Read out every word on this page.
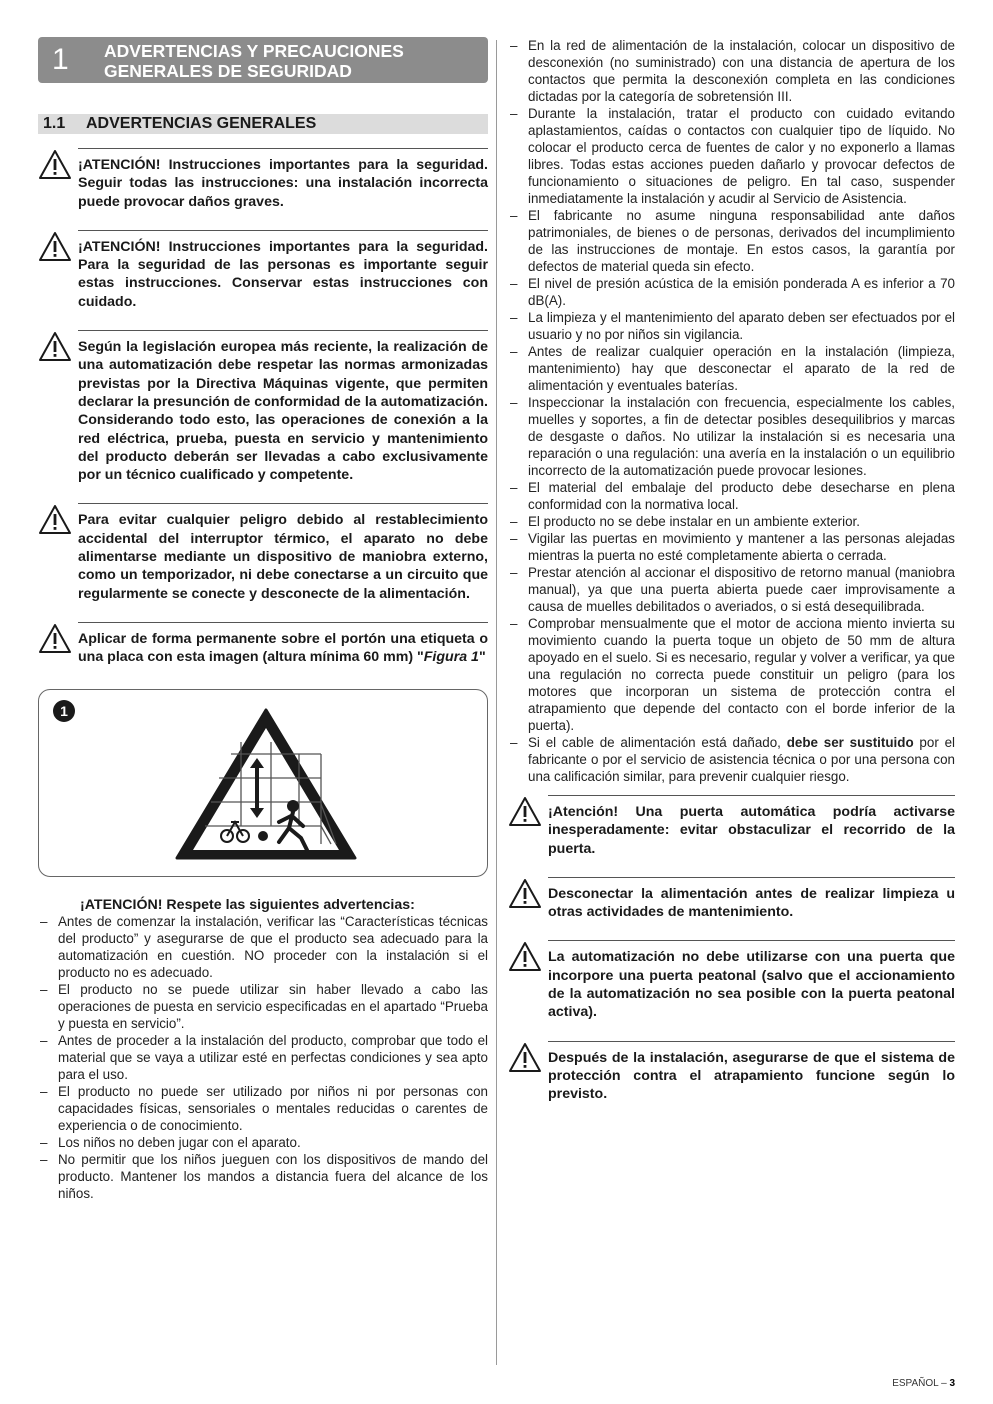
1 ADVERTENCIAS Y PRECAUCIONES
GENERALES DE SEGURIDAD
1.1 ADVERTENCIAS GENERALES
¡ATENCIÓN! Instrucciones importantes para la seguridad. Seguir todas las instrucciones: una instalación incorrecta puede provocar daños graves.
¡ATENCIÓN! Instrucciones importantes para la seguridad. Para la seguridad de las personas es importante seguir estas instrucciones. Conservar estas instrucciones con cuidado.
Según la legislación europea más reciente, la realización de una automatización debe respetar las normas armonizadas previstas por la Directiva Máquinas vigente, que permiten declarar la presunción de conformidad de la automatización. Considerando todo esto, las operaciones de conexión a la red eléctrica, prueba, puesta en servicio y mantenimiento del producto deberán ser llevadas a cabo exclusivamente por un técnico cualificado y competente.
Para evitar cualquier peligro debido al restablecimiento accidental del interruptor térmico, el aparato no debe alimentarse mediante un dispositivo de maniobra externo, como un temporizador, ni debe conectarse a un circuito que regularmente se conecte y desconecte de la alimentación.
Aplicar de forma permanente sobre el portón una etiqueta o una placa con esta imagen (altura mínima 60 mm) "Figura 1"
1
¡ATENCIÓN! Respete las siguientes advertencias:
– Antes de comenzar la instalación, verificar las “Características técnicas del producto” y asegurarse de que el producto sea adecuado para la automatización en cuestión. NO proceder con la instalación si el producto no es adecuado.
– El producto no se puede utilizar sin haber llevado a cabo las operaciones de puesta en servicio especificadas en el apartado “Prueba y puesta en servicio”.
– Antes de proceder a la instalación del producto, comprobar que todo el material que se vaya a utilizar esté en perfectas condiciones y sea apto para el uso.
– El producto no puede ser utilizado por niños ni por personas con capacidades físicas, sensoriales o mentales reducidas o carentes de experiencia o de conocimiento.
– Los niños no deben jugar con el aparato.
– No permitir que los niños jueguen con los dispositivos de mando del producto. Mantener los mandos a distancia fuera del alcance de los niños.
– En la red de alimentación de la instalación, colocar un dispositivo de desconexión (no suministrado) con una distancia de apertura de los contactos que permita la desconexión completa en las condiciones dictadas por la categoría de sobretensión III.
– Durante la instalación, tratar el producto con cuidado evitando aplastamientos, caídas o contactos con cualquier tipo de líquido. No colocar el producto cerca de fuentes de calor y no exponerlo a llamas libres. Todas estas acciones pueden dañarlo y provocar defectos de funcionamiento o situaciones de peligro. En tal caso, suspender inmediatamente la instalación y acudir al Servicio de Asistencia.
– El fabricante no asume ninguna responsabilidad ante daños patrimoniales, de bienes o de personas, derivados del incumplimiento de las instrucciones de montaje. En estos casos, la garantía por defectos de material queda sin efecto.
– El nivel de presión acústica de la emisión ponderada A es inferior a 70 dB(A).
– La limpieza y el mantenimiento del aparato deben ser efectuados por el usuario y no por niños sin vigilancia.
– Antes de realizar cualquier operación en la instalación (limpieza, mantenimiento) hay que desconectar el aparato de la red de alimentación y eventuales baterías.
– Inspeccionar la instalación con frecuencia, especialmente los cables, muelles y soportes, a fin de detectar posibles desequilibrios y marcas de desgaste o daños. No utilizar la instalación si es necesaria una reparación o una regulación: una avería en la instalación o un equilibrio incorrecto de la automatización puede provocar lesiones.
– El material del embalaje del producto debe desecharse en plena conformidad con la normativa local.
– El producto no se debe instalar en un ambiente exterior.
– Vigilar las puertas en movimiento y mantener a las personas alejadas mientras la puerta no esté completamente abierta o cerrada.
– Prestar atención al accionar el dispositivo de retorno manual (maniobra manual), ya que una puerta abierta puede caer improvisamente a causa de muelles debilitados o averiados, o si está desequilibrada.
– Comprobar mensualmente que el motor de acciona miento invierta su movimiento cuando la puerta toque un objeto de 50 mm de altura apoyado en el suelo. Si es necesario, regular y volver a verificar, ya que una regulación no correcta puede constituir un peligro (para los motores que incorporan un sistema de protección contra el atrapamiento que depende del contacto con el borde inferior de la puerta).
– Si el cable de alimentación está dañado, debe ser sustituido por el fabricante o por el servicio de asistencia técnica o por una persona con una calificación similar, para prevenir cualquier riesgo.
¡Atención! Una puerta automática podría activarse inesperadamente: evitar obstaculizar el recorrido de la puerta.
Desconectar la alimentación antes de realizar limpieza u otras actividades de mantenimiento.
La automatización no debe utilizarse con una puerta que incorpore una puerta peatonal (salvo que el accionamiento de la automatización no sea posible con la puerta peatonal activa).
Después de la instalación, asegurarse de que el sistema de protección contra el atrapamiento funcione según lo previsto.
ESPAÑOL – 3
